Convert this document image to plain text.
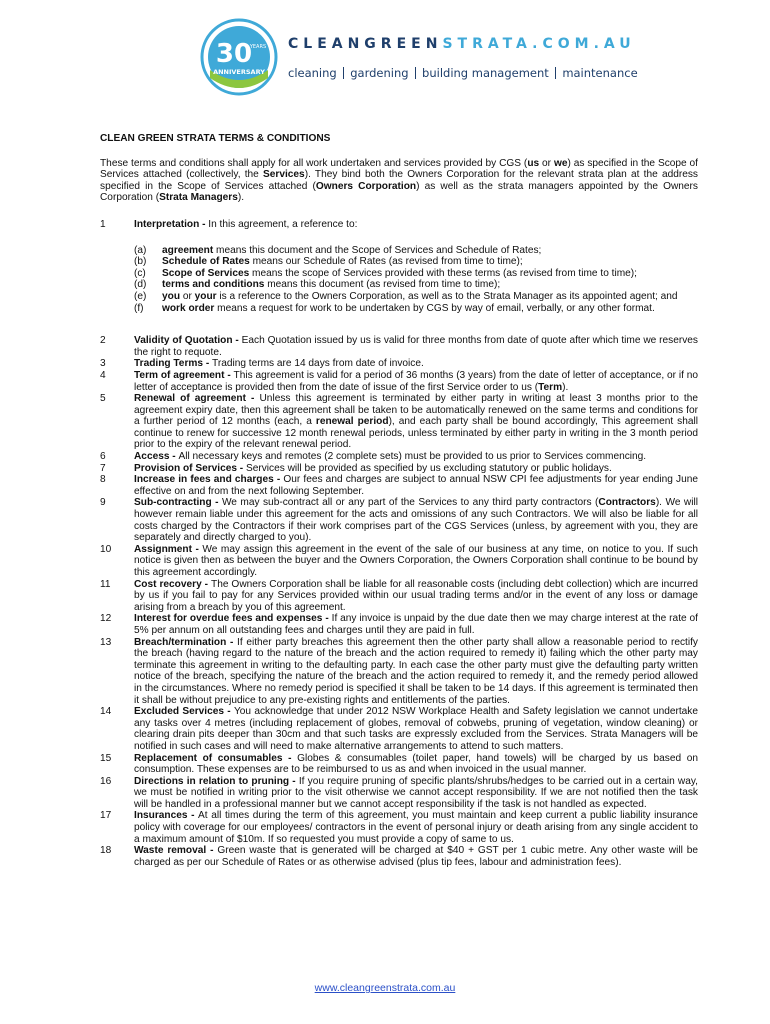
30
YEARS
ANNIVERSARY
CLEANGREENSTRATA.COM.AU
cleaning gardening building management maintenance
CLEAN GREEN STRATA TERMS & CONDITIONS
These terms and conditions shall apply for all work undertaken and services provided by CGS (us or we) as specified in the Scope of Services attached (collectively, the Services). They bind both the Owners Corporation for the relevant strata plan at the address specified in the Scope of Services attached (Owners Corporation) as well as the strata managers appointed by the Owners Corporation (Strata Managers).
1	Interpretation - In this agreement, a reference to:
(a) agreement means this document and the Scope of Services and Schedule of Rates;
(b) Schedule of Rates means our Schedule of Rates (as revised from time to time);
(c) Scope of Services means the scope of Services provided with these terms (as revised from time to time);
(d) terms and conditions means this document (as revised from time to time);
(e) you or your is a reference to the Owners Corporation, as well as to the Strata Manager as its appointed agent; and
(f) work order means a request for work to be undertaken by CGS by way of email, verbally, or any other format.
2	Validity of Quotation - Each Quotation issued by us is valid for three months from date of quote after which time we reserves the right to requote.
3	Trading Terms - Trading terms are 14 days from date of invoice.
4	Term of agreement - This agreement is valid for a period of 36 months (3 years) from the date of letter of acceptance, or if no letter of acceptance is provided then from the date of issue of the first Service order to us (Term).
5	Renewal of agreement - Unless this agreement is terminated by either party in writing at least 3 months prior to the agreement expiry date, then this agreement shall be taken to be automatically renewed on the same terms and conditions for a further period of 12 months (each, a renewal period), and each party shall be bound accordingly, This agreement shall continue to renew for successive 12 month renewal periods, unless terminated by either party in writing in the 3 month period prior to the expiry of the relevant renewal period.
6	Access - All necessary keys and remotes (2 complete sets) must be provided to us prior to Services commencing.
7	Provision of Services - Services will be provided as specified by us excluding statutory or public holidays.
8	Increase in fees and charges - Our fees and charges are subject to annual NSW CPI fee adjustments for year ending June effective on and from the next following September.
9	Sub-contracting - We may sub-contract all or any part of the Services to any third party contractors (Contractors). We will however remain liable under this agreement for the acts and omissions of any such Contractors. We will also be liable for all costs charged by the Contractors if their work comprises part of the CGS Services (unless, by agreement with you, they are separately and directly charged to you).
10	Assignment - We may assign this agreement in the event of the sale of our business at any time, on notice to you. If such notice is given then as between the buyer and the Owners Corporation, the Owners Corporation shall continue to be bound by this agreement accordingly.
11	Cost recovery - The Owners Corporation shall be liable for all reasonable costs (including debt collection) which are incurred by us if you fail to pay for any Services provided within our usual trading terms and/or in the event of any loss or damage arising from a breach by you of this agreement.
12	Interest for overdue fees and expenses - If any invoice is unpaid by the due date then we may charge interest at the rate of 5% per annum on all outstanding fees and charges until they are paid in full.
13	Breach/termination - If either party breaches this agreement then the other party shall allow a reasonable period to rectify the breach (having regard to the nature of the breach and the action required to remedy it) failing which the other party may terminate this agreement in writing to the defaulting party. In each case the other party must give the defaulting party written notice of the breach, specifying the nature of the breach and the action required to remedy it, and the remedy period allowed in the circumstances. Where no remedy period is specified it shall be taken to be 14 days. If this agreement is terminated then it shall be without prejudice to any pre-existing rights and entitlements of the parties.
14	Excluded Services - You acknowledge that under 2012 NSW Workplace Health and Safety legislation we cannot undertake any tasks over 4 metres (including replacement of globes, removal of cobwebs, pruning of vegetation, window cleaning) or clearing drain pits deeper than 30cm and that such tasks are expressly excluded from the Services. Strata Managers will be notified in such cases and will need to make alternative arrangements to attend to such matters.
15	Replacement of consumables - Globes & consumables (toilet paper, hand towels) will be charged by us based on consumption. These expenses are to be reimbursed to us as and when invoiced in the usual manner.
16	Directions in relation to pruning - If you require pruning of specific plants/shrubs/hedges to be carried out in a certain way, we must be notified in writing prior to the visit otherwise we cannot accept responsibility. If we are not notified then the task will be handled in a professional manner but we cannot accept responsibility if the task is not handled as expected.
17	Insurances - At all times during the term of this agreement, you must maintain and keep current a public liability insurance policy with coverage for our employees/ contractors in the event of personal injury or death arising from any single accident to a maximum amount of $10m. If so requested you must provide a copy of same to us.
18	Waste removal - Green waste that is generated will be charged at $40 + GST per 1 cubic metre. Any other waste will be charged as per our Schedule of Rates or as otherwise advised (plus tip fees, labour and administration fees).
www.cleangreenstrata.com.au
